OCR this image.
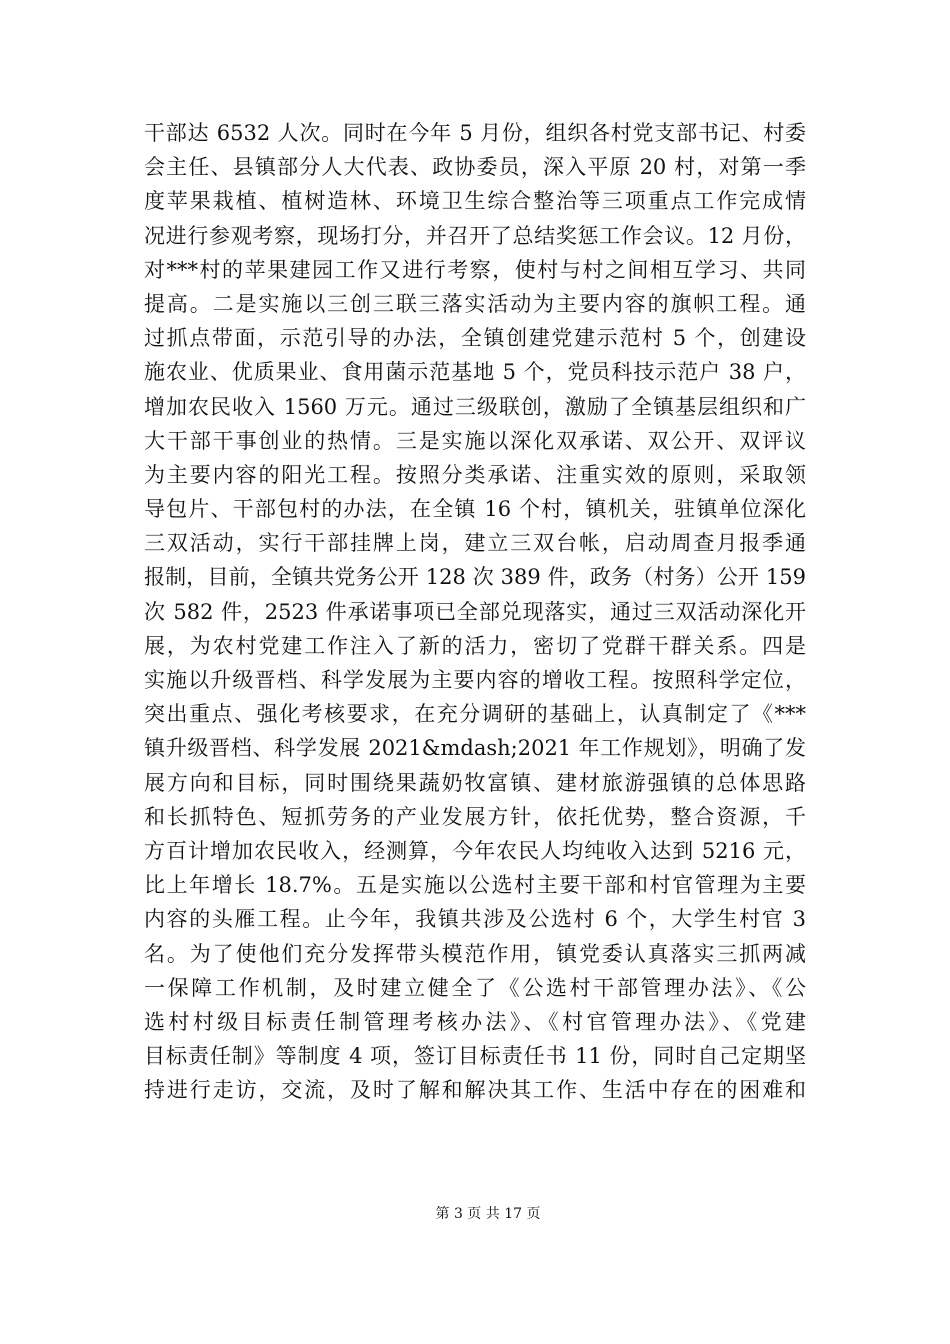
干部达 6532 人次。同时在今年 5 月份，组织各村党支部书记、村委
会主任、县镇部分人大代表、政协委员，深入平原 20 村，对第一季
度苹果栽植、植树造林、环境卫生综合整治等三项重点工作完成情
况进行参观考察，现场打分，并召开了总结奖惩工作会议。12 月份，
对***村的苹果建园工作又进行考察，使村与村之间相互学习、共同
提高。二是实施以三创三联三落实活动为主要内容的旗帜工程。通
过抓点带面，示范引导的办法，全镇创建党建示范村 5 个，创建设
施农业、优质果业、食用菌示范基地 5 个，党员科技示范户 38 户，
增加农民收入 1560 万元。通过三级联创，激励了全镇基层组织和广
大干部干事创业的热情。三是实施以深化双承诺、双公开、双评议
为主要内容的阳光工程。按照分类承诺、注重实效的原则，采取领
导包片、干部包村的办法，在全镇 16 个村，镇机关，驻镇单位深化
三双活动，实行干部挂牌上岗，建立三双台帐，启动周查月报季通
报制，目前，全镇共党务公开 128 次 389 件，政务（村务）公开 159
次 582 件，2523 件承诺事项已全部兑现落实，通过三双活动深化开
展，为农村党建工作注入了新的活力，密切了党群干群关系。四是
实施以升级晋档、科学发展为主要内容的增收工程。按照科学定位，
突出重点、强化考核要求，在充分调研的基础上，认真制定了《***
镇升级晋档、科学发展 2021&mdash;2021 年工作规划》，明确了发
展方向和目标，同时围绕果蔬奶牧富镇、建材旅游强镇的总体思路
和长抓特色、短抓劳务的产业发展方针，依托优势，整合资源，千
方百计增加农民收入，经测算，今年农民人均纯收入达到 5216 元，
比上年增长 18.7%。五是实施以公选村主要干部和村官管理为主要
内容的头雁工程。止今年，我镇共涉及公选村 6 个，大学生村官 3
名。为了使他们充分发挥带头模范作用，镇党委认真落实三抓两减
一保障工作机制，及时建立健全了《公选村干部管理办法》、《公
选村村级目标责任制管理考核办法》、《村官管理办法》、《党建
目标责任制》等制度 4 项，签订目标责任书 11 份，同时自己定期坚
持进行走访，交流，及时了解和解决其工作、生活中存在的困难和
第 3 页 共 17 页
